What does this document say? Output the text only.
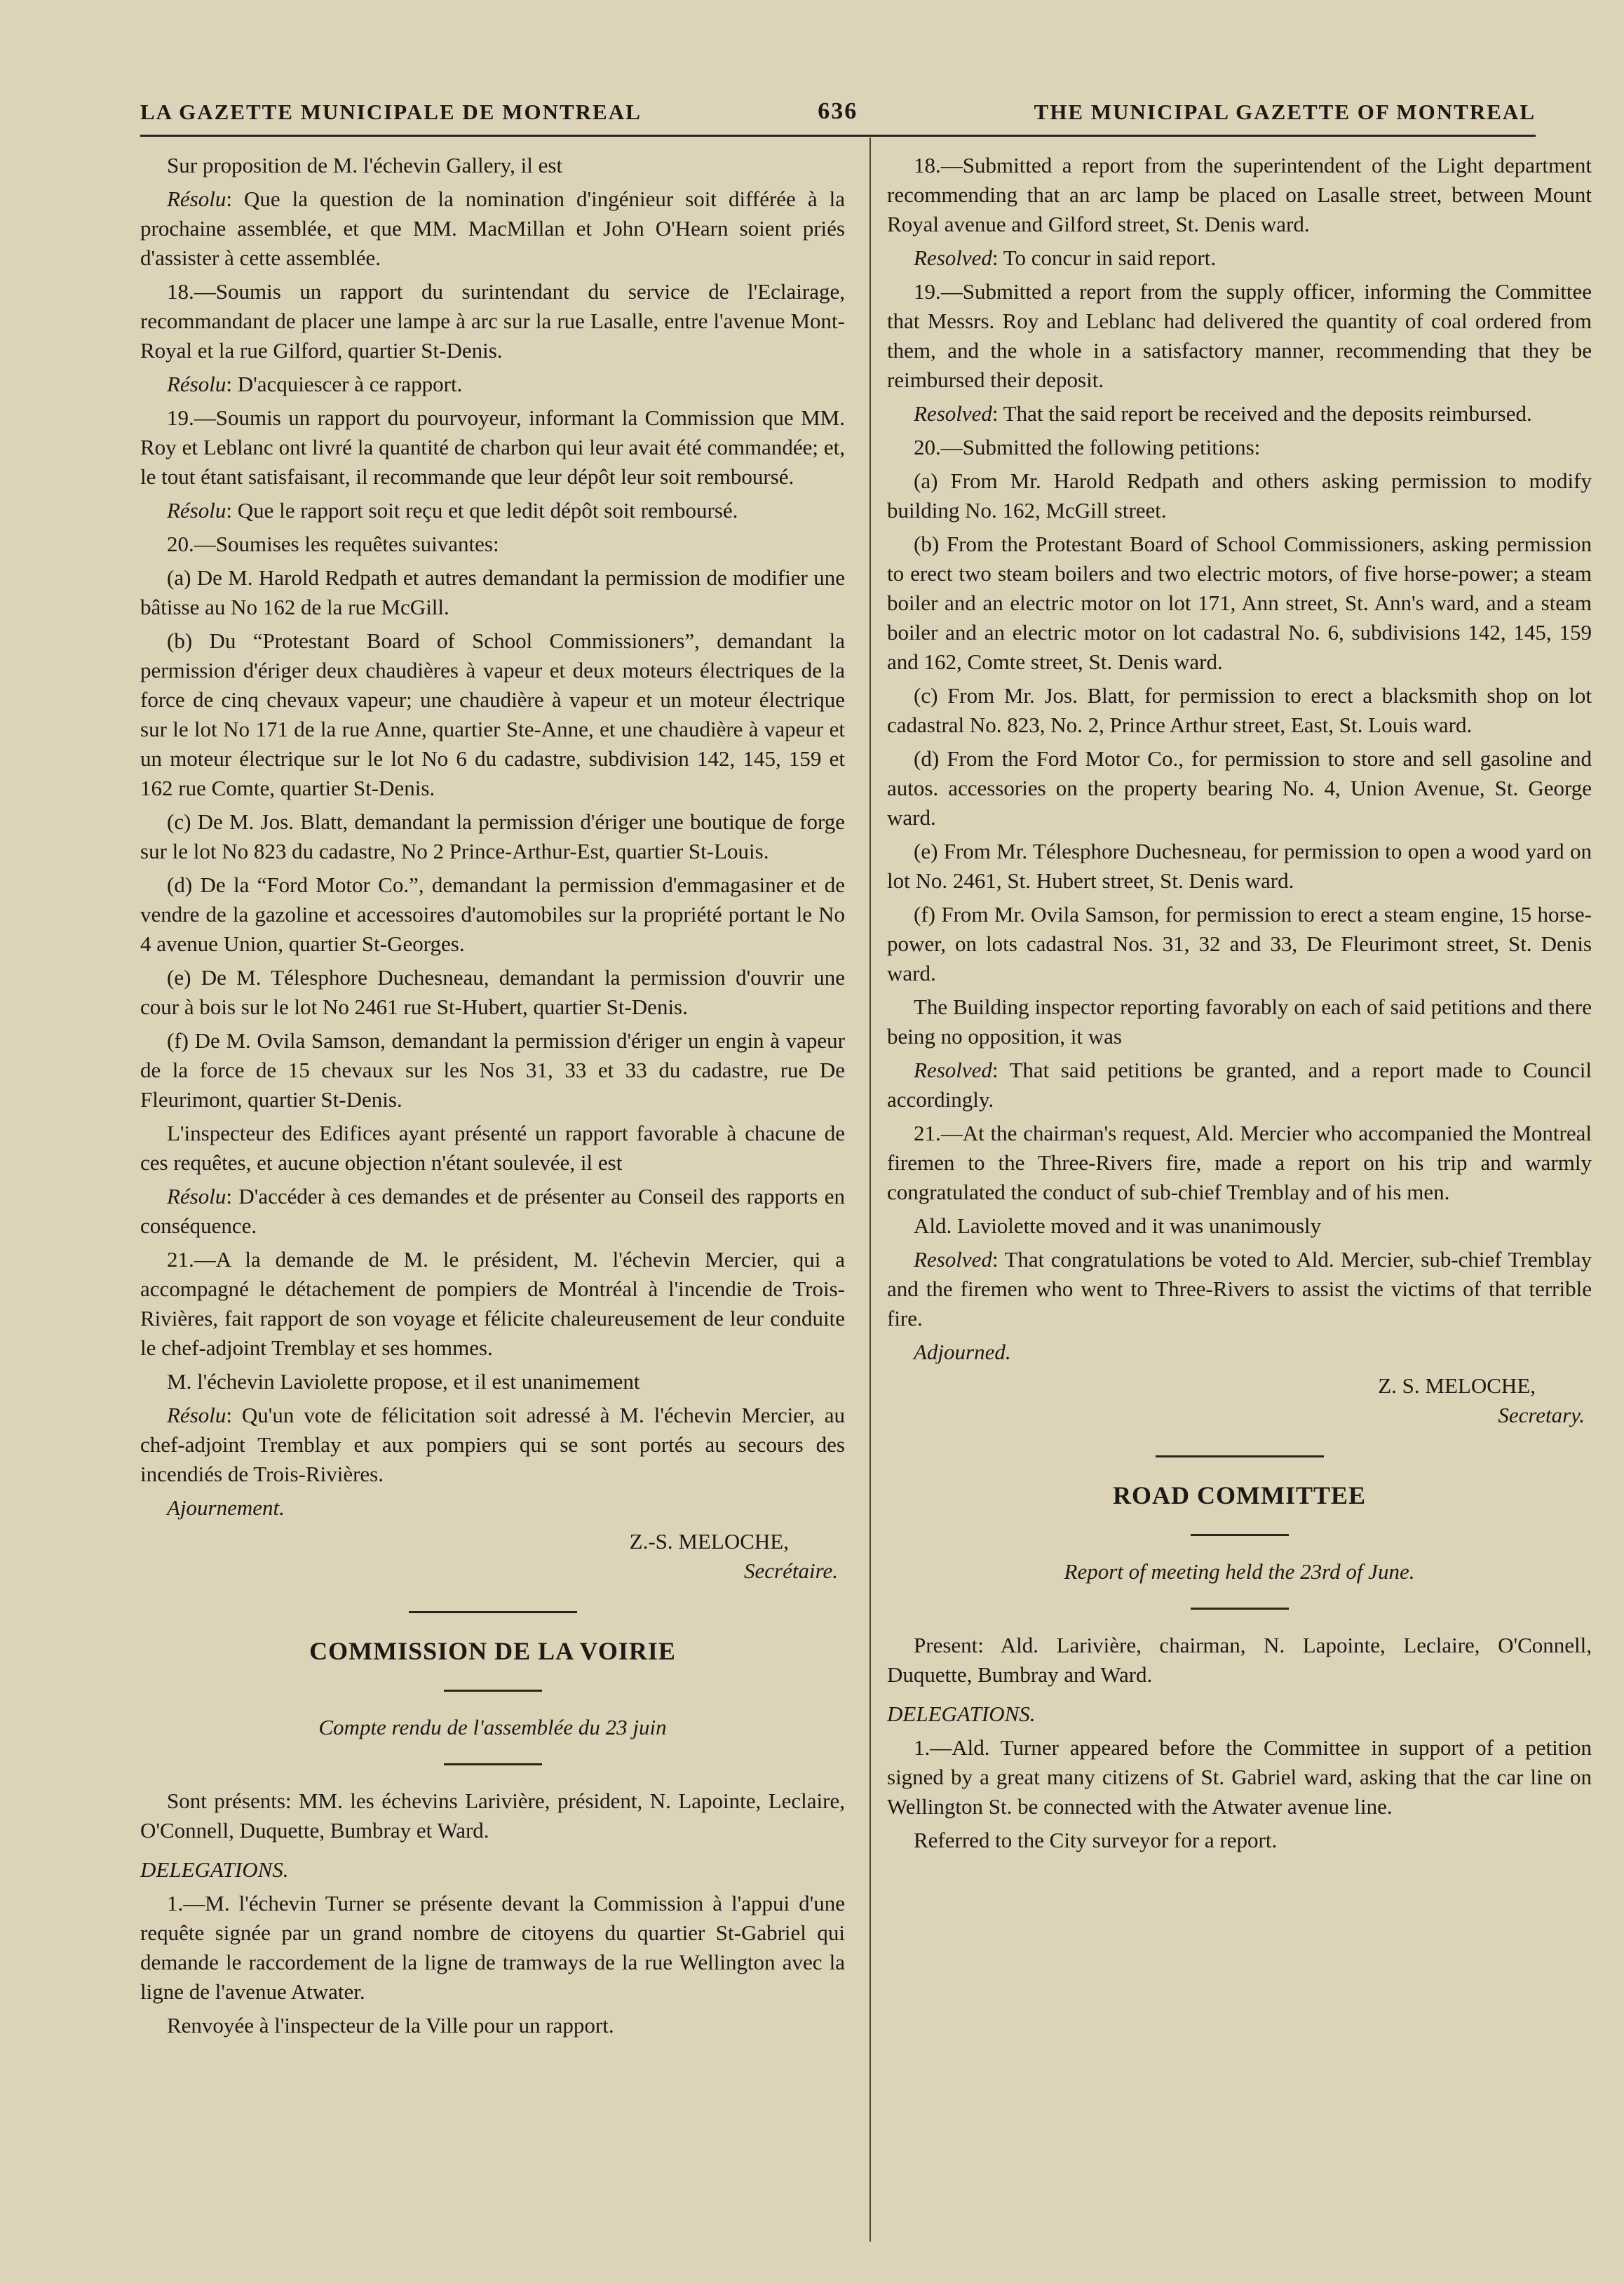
LA GAZETTE MUNICIPALE DE MONTREAL	636	THE MUNICIPAL GAZETTE OF MONTREAL

Sur proposition de M. l'échevin Gallery, il est

Résolu: Que la question de la nomination d'ingénieur soit différée à la prochaine assemblée, et que MM. MacMillan et John O'Hearn soient priés d'assister à cette assemblée.

18.—Soumis un rapport du surintendant du service de l'Eclairage, recommandant de placer une lampe à arc sur la rue Lasalle, entre l'avenue Mont-Royal et la rue Gilford, quartier St-Denis.

Résolu: D'acquiescer à ce rapport.

19.—Soumis un rapport du pourvoyeur, informant la Commission que MM. Roy et Leblanc ont livré la quantité de charbon qui leur avait été commandée; et, le tout étant satisfaisant, il recommande que leur dépôt leur soit remboursé.

Résolu: Que le rapport soit reçu et que ledit dépôt soit remboursé.

20.—Soumises les requêtes suivantes:

(a) De M. Harold Redpath et autres demandant la permission de modifier une bâtisse au No 162 de la rue McGill.

(b) Du “Protestant Board of School Commissioners”, demandant la permission d'ériger deux chaudières à vapeur et deux moteurs électriques de la force de cinq chevaux vapeur; une chaudière à vapeur et un moteur électrique sur le lot No 171 de la rue Anne, quartier Ste-Anne, et une chaudière à vapeur et un moteur électrique sur le lot No 6 du cadastre, subdivision 142, 145, 159 et 162 rue Comte, quartier St-Denis.

(c) De M. Jos. Blatt, demandant la permission d'ériger une boutique de forge sur le lot No 823 du cadastre, No 2 Prince-Arthur-Est, quartier St-Louis.

(d) De la “Ford Motor Co.”, demandant la permission d'emmagasiner et de vendre de la gazoline et accessoires d'automobiles sur la propriété portant le No 4 avenue Union, quartier St-Georges.

(e) De M. Télesphore Duchesneau, demandant la permission d'ouvrir une cour à bois sur le lot No 2461 rue St-Hubert, quartier St-Denis.

(f) De M. Ovila Samson, demandant la permission d'ériger un engin à vapeur de la force de 15 chevaux sur les Nos 31, 33 et 33 du cadastre, rue De Fleurimont, quartier St-Denis.

L'inspecteur des Edifices ayant présenté un rapport favorable à chacune de ces requêtes, et aucune objection n'étant soulevée, il est

Résolu: D'accéder à ces demandes et de présenter au Conseil des rapports en conséquence.

21.—A la demande de M. le président, M. l'échevin Mercier, qui a accompagné le détachement de pompiers de Montréal à l'incendie de Trois-Rivières, fait rapport de son voyage et félicite chaleureusement de leur conduite le chef-adjoint Tremblay et ses hommes.

M. l'échevin Laviolette propose, et il est unanimement

Résolu: Qu'un vote de félicitation soit adressé à M. l'échevin Mercier, au chef-adjoint Tremblay et aux pompiers qui se sont portés au secours des incendiés de Trois-Rivières.

Ajournement.

Z.-S. MELOCHE,
Secrétaire.
COMMISSION DE LA VOIRIE
Compte rendu de l'assemblée du 23 juin

Sont présents: MM. les échevins Larivière, président, N. Lapointe, Leclaire, O'Connell, Duquette, Bumbray et Ward.

DELEGATIONS.

1.—M. l'échevin Turner se présente devant la Commission à l'appui d'une requête signée par un grand nombre de citoyens du quartier St-Gabriel qui demande le raccordement de la ligne de tramways de la rue Wellington avec la ligne de l'avenue Atwater.

Renvoyée à l'inspecteur de la Ville pour un rapport.

18.—Submitted a report from the superintendent of the Light department recommending that an arc lamp be placed on Lasalle street, between Mount Royal avenue and Gilford street, St. Denis ward.

Resolved: To concur in said report.

19.—Submitted a report from the supply officer, informing the Committee that Messrs. Roy and Leblanc had delivered the quantity of coal ordered from them, and the whole in a satisfactory manner, recommending that they be reimbursed their deposit.

Resolved: That the said report be received and the deposits reimbursed.

20.—Submitted the following petitions:

(a) From Mr. Harold Redpath and others asking permission to modify building No. 162, McGill street.

(b) From the Protestant Board of School Commissioners, asking permission to erect two steam boilers and two electric motors, of five horse-power; a steam boiler and an electric motor on lot 171, Ann street, St. Ann's ward, and a steam boiler and an electric motor on lot cadastral No. 6, subdivisions 142, 145, 159 and 162, Comte street, St. Denis ward.

(c) From Mr. Jos. Blatt, for permission to erect a blacksmith shop on lot cadastral No. 823, No. 2, Prince Arthur street, East, St. Louis ward.

(d) From the Ford Motor Co., for permission to store and sell gasoline and autos. accessories on the property bearing No. 4, Union Avenue, St. George ward.

(e) From Mr. Télesphore Duchesneau, for permission to open a wood yard on lot No. 2461, St. Hubert street, St. Denis ward.

(f) From Mr. Ovila Samson, for permission to erect a steam engine, 15 horse-power, on lots cadastral Nos. 31, 32 and 33, De Fleurimont street, St. Denis ward.

The Building inspector reporting favorably on each of said petitions and there being no opposition, it was

Resolved: That said petitions be granted, and a report made to Council accordingly.

21.—At the chairman's request, Ald. Mercier who accompanied the Montreal firemen to the Three-Rivers fire, made a report on his trip and warmly congratulated the conduct of sub-chief Tremblay and of his men.

Ald. Laviolette moved and it was unanimously

Resolved: That congratulations be voted to Ald. Mercier, sub-chief Tremblay and the firemen who went to Three-Rivers to assist the victims of that terrible fire.

Adjourned.

Z. S. MELOCHE,
Secretary.
ROAD COMMITTEE
Report of meeting held the 23rd of June.

Present: Ald. Larivière, chairman, N. Lapointe, Leclaire, O'Connell, Duquette, Bumbray and Ward.

DELEGATIONS.

1.—Ald. Turner appeared before the Committee in support of a petition signed by a great many citizens of St. Gabriel ward, asking that the car line on Wellington St. be connected with the Atwater avenue line.

Referred to the City surveyor for a report.
